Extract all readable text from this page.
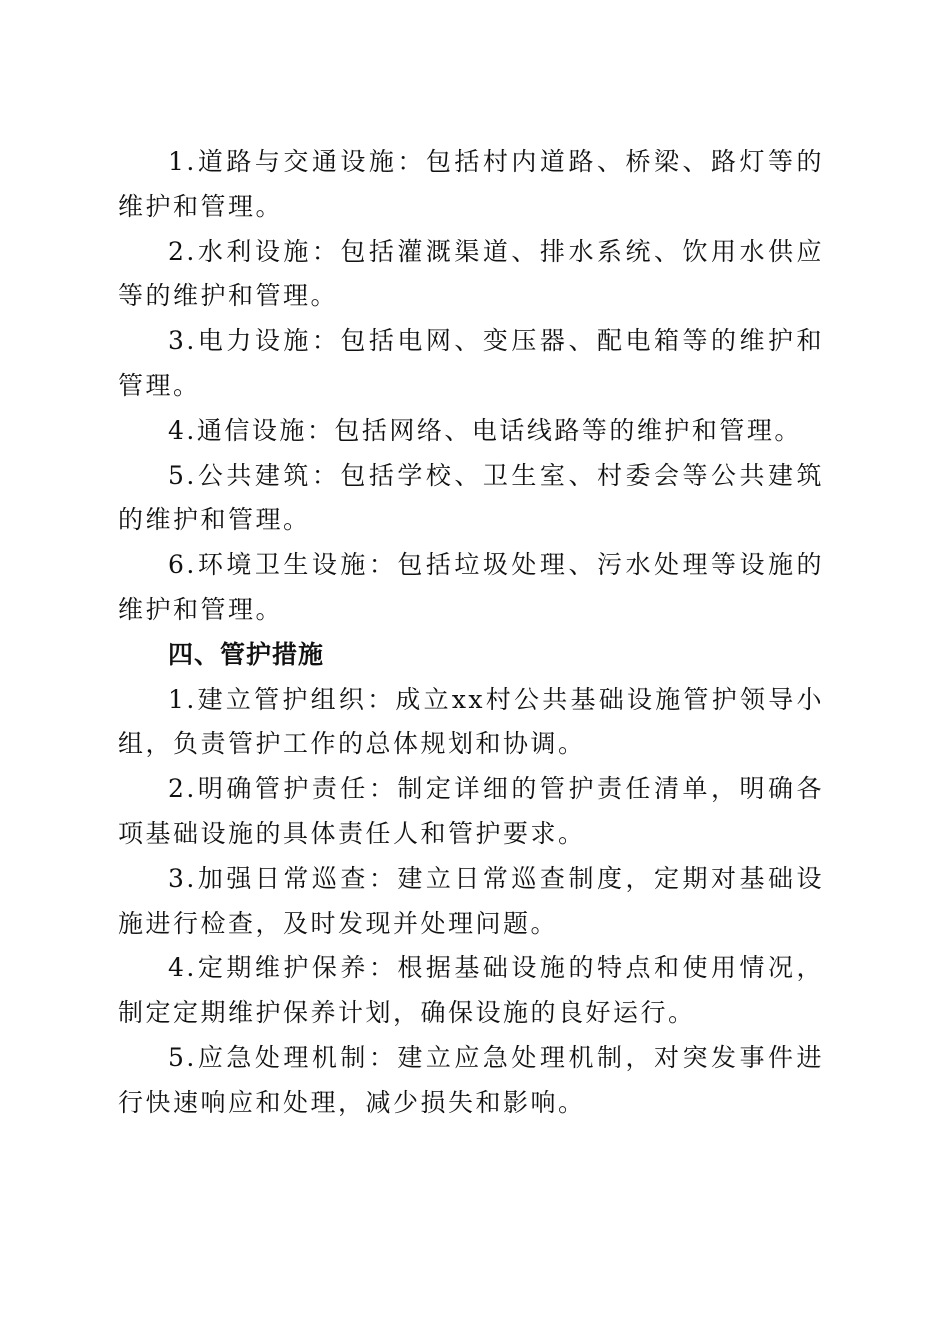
1.道路与交通设施：包括村内道路、桥梁、路灯等的维护和管理。

2.水利设施：包括灌溉渠道、排水系统、饮用水供应等的维护和管理。

3.电力设施：包括电网、变压器、配电箱等的维护和管理。

4.通信设施：包括网络、电话线路等的维护和管理。

5.公共建筑：包括学校、卫生室、村委会等公共建筑的维护和管理。

6.环境卫生设施：包括垃圾处理、污水处理等设施的维护和管理。

四、管护措施

1.建立管护组织：成立xx村公共基础设施管护领导小组，负责管护工作的总体规划和协调。

2.明确管护责任：制定详细的管护责任清单，明确各项基础设施的具体责任人和管护要求。

3.加强日常巡查：建立日常巡查制度，定期对基础设施进行检查，及时发现并处理问题。

4.定期维护保养：根据基础设施的特点和使用情况，制定定期维护保养计划，确保设施的良好运行。

5.应急处理机制：建立应急处理机制，对突发事件进行快速响应和处理，减少损失和影响。
